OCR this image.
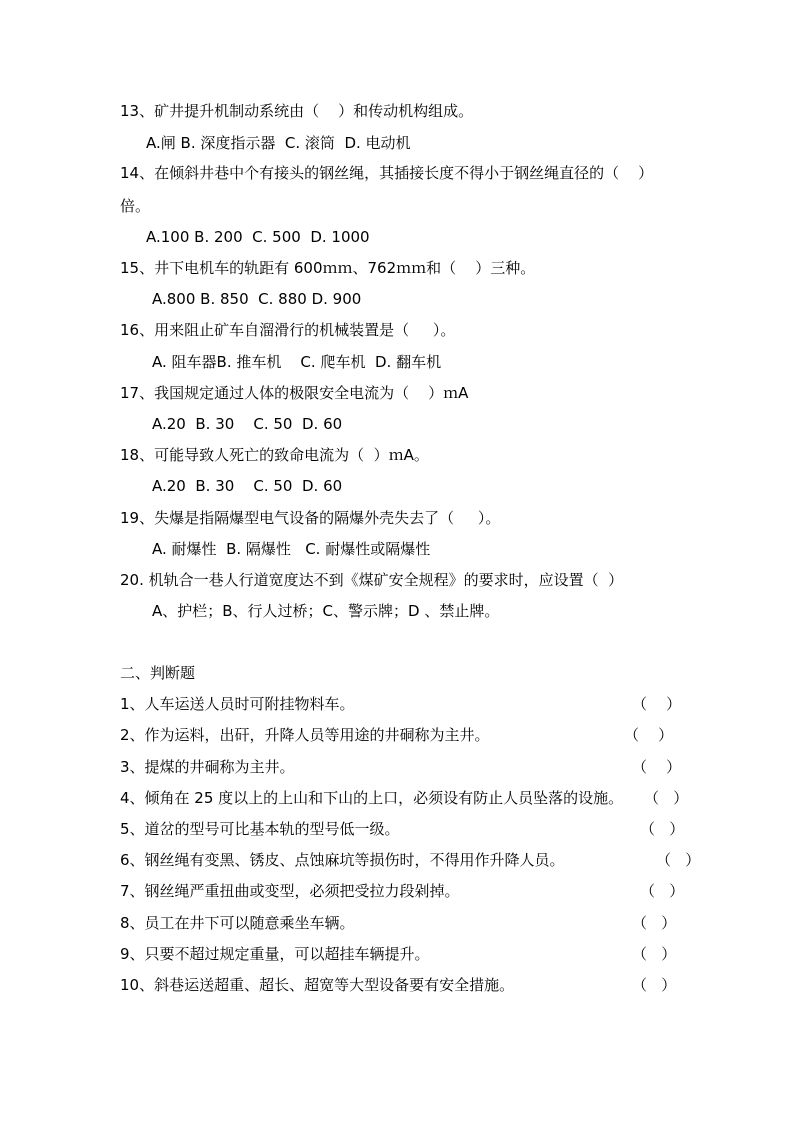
13、矿井提升机制动系统由（    ）和传动机构组成。
A.闸 B. 深度指示器  C. 滚筒  D. 电动机
14、在倾斜井巷中个有接头的钢丝绳，其插接长度不得小于钢丝绳直径的（    ）
倍。
A.100 B. 200  C. 500  D. 1000
15、井下电机车的轨距有 600ｍｍ、762ｍｍ和（    ）三种。
A.800 B. 850  C. 880 D. 900
16、用来阻止矿车自溜滑行的机械装置是（     ）。
A. 阻车器B. 推车机    C. 爬车机  D. 翻车机
17、我国规定通过人体的极限安全电流为（    ）ｍA
A.20  B. 30    C. 50  D. 60
18、可能导致人死亡的致命电流为（  ）ｍA。
A.20  B. 30    C. 50  D. 60
19、失爆是指隔爆型电气设备的隔爆外壳失去了（     ）。
A. 耐爆性  B. 隔爆性   C. 耐爆性或隔爆性
20. 机轨合一巷人行道宽度达不到《煤矿安全规程》的要求时，应设置（  ）
A、护栏；B、行人过桥；C、警示牌；D 、禁止牌。
二、判断题
1、人车运送人员时可附挂物料车。	（    ）
2、作为运料，出矸，升降人员等用途的井硐称为主井。	（    ）
3、提煤的井硐称为主井。	（    ）
4、倾角在 25 度以上的上山和下山的上口，必须设有防止人员坠落的设施。 （   ）
5、道岔的型号可比基本轨的型号低一级。	（   ）
6、钢丝绳有变黑、锈皮、点蚀麻坑等损伤时，不得用作升降人员。	（   ）
7、钢丝绳严重扭曲或变型，必须把受拉力段剁掉。	（   ）
8、员工在井下可以随意乘坐车辆。	（   ）
9、只要不超过规定重量，可以超挂车辆提升。	（   ）
10、斜巷运送超重、超长、超宽等大型设备要有安全措施。	（   ）
